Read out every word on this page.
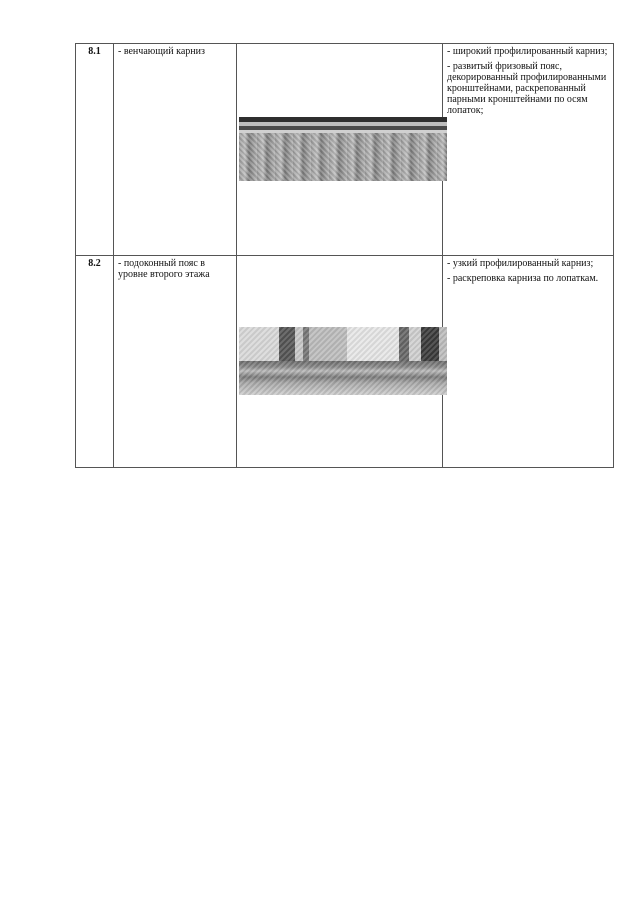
8.1	- венчающий карниз		- широкий профилированный карниз;

- развитый фризовый пояс, декорированный профилированными кронштейнами, раскрепованный парными кронштейнами по осям лопаток;

8.2	- подоконный пояс в уровне второго этажа		- узкий профилированный карниз;

- раскреповка карниза по лопаткам.
